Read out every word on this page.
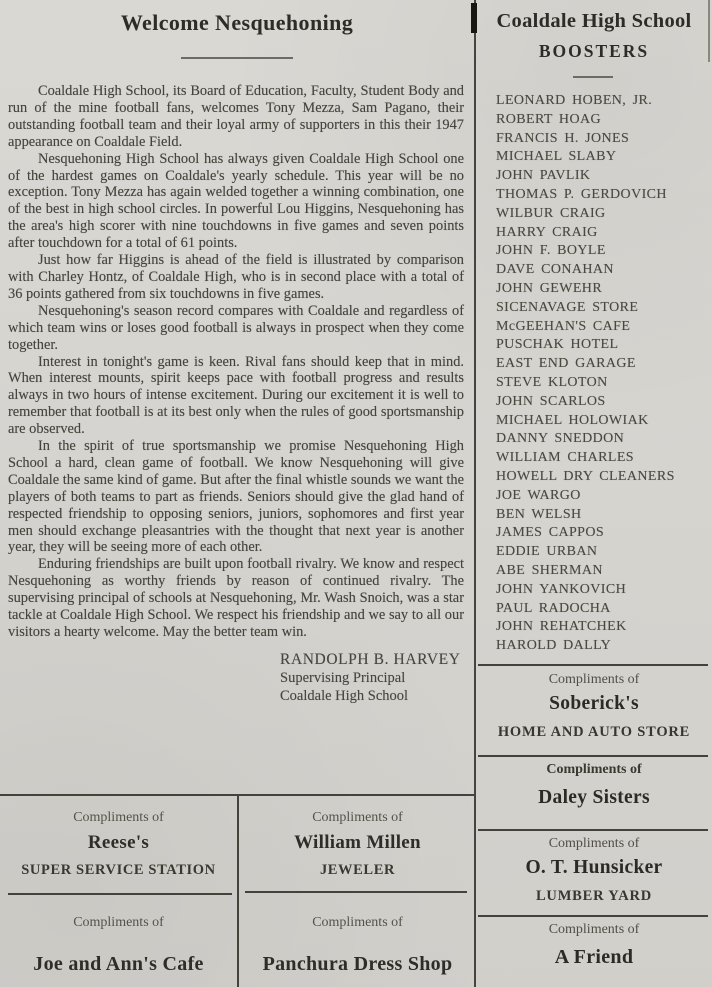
Welcome Nesquehoning

Coaldale High School, its Board of Education, Faculty, Student Body and run of the mine football fans, welcomes Tony Mezza, Sam Pagano, their outstanding football team and their loyal army of supporters in this their 1947 appearance on Coaldale Field.

Nesquehoning High School has always given Coaldale High School one of the hardest games on Coaldale's yearly schedule. This year will be no exception. Tony Mezza has again welded together a winning combination, one of the best in high school circles. In powerful Lou Higgins, Nesquehoning has the area's high scorer with nine touchdowns in five games and seven points after touchdown for a total of 61 points.

Just how far Higgins is ahead of the field is illustrated by comparison with Charley Hontz, of Coaldale High, who is in second place with a total of 36 points gathered from six touchdowns in five games.

Nesquehoning's season record compares with Coaldale and regardless of which team wins or loses good football is always in prospect when they come together.

Interest in tonight's game is keen. Rival fans should keep that in mind. When interest mounts, spirit keeps pace with football progress and results always in two hours of intense excitement. During our excitement it is well to remember that football is at its best only when the rules of good sportsmanship are observed.

In the spirit of true sportsmanship we promise Nesquehoning High School a hard, clean game of football. We know Nesquehoning will give Coaldale the same kind of game. But after the final whistle sounds we want the players of both teams to part as friends. Seniors should give the glad hand of respected friendship to opposing seniors, juniors, sophomores and first year men should exchange pleasantries with the thought that next year is another year, they will be seeing more of each other.

Enduring friendships are built upon football rivalry. We know and respect Nesquehoning as worthy friends by reason of continued rivalry. The supervising principal of schools at Nesquehoning, Mr. Wash Snoich, was a star tackle at Coaldale High School. We respect his friendship and we say to all our visitors a hearty welcome. May the better team win.

RANDOLPH B. HARVEY
Supervising Principal
Coaldale High School
Compliments of
Reese's
SUPER SERVICE STATION
Compliments of
William Millen
JEWELER
Compliments of
Joe and Ann's Cafe
Compliments of
Panchura Dress Shop
Coaldale High School
BOOSTERS
LEONARD HOBEN, JR.
ROBERT HOAG
FRANCIS H. JONES
MICHAEL SLABY
JOHN PAVLIK
THOMAS P. GERDOVICH
WILBUR CRAIG
HARRY CRAIG
JOHN F. BOYLE
DAVE CONAHAN
JOHN GEWEHR
SICENAVAGE STORE
McGEEHAN'S CAFE
PUSCHAK HOTEL
EAST END GARAGE
STEVE KLOTON
JOHN SCARLOS
MICHAEL HOLOWIAK
DANNY SNEDDON
WILLIAM CHARLES
HOWELL DRY CLEANERS
JOE WARGO
BEN WELSH
JAMES CAPPOS
EDDIE URBAN
ABE SHERMAN
JOHN YANKOVICH
PAUL RADOCHA
JOHN REHATCHEK
HAROLD DALLY
Compliments of
Soberick's
HOME AND AUTO STORE
Compliments of
Daley Sisters
Compliments of
O. T. Hunsicker
LUMBER YARD
Compliments of
A Friend
